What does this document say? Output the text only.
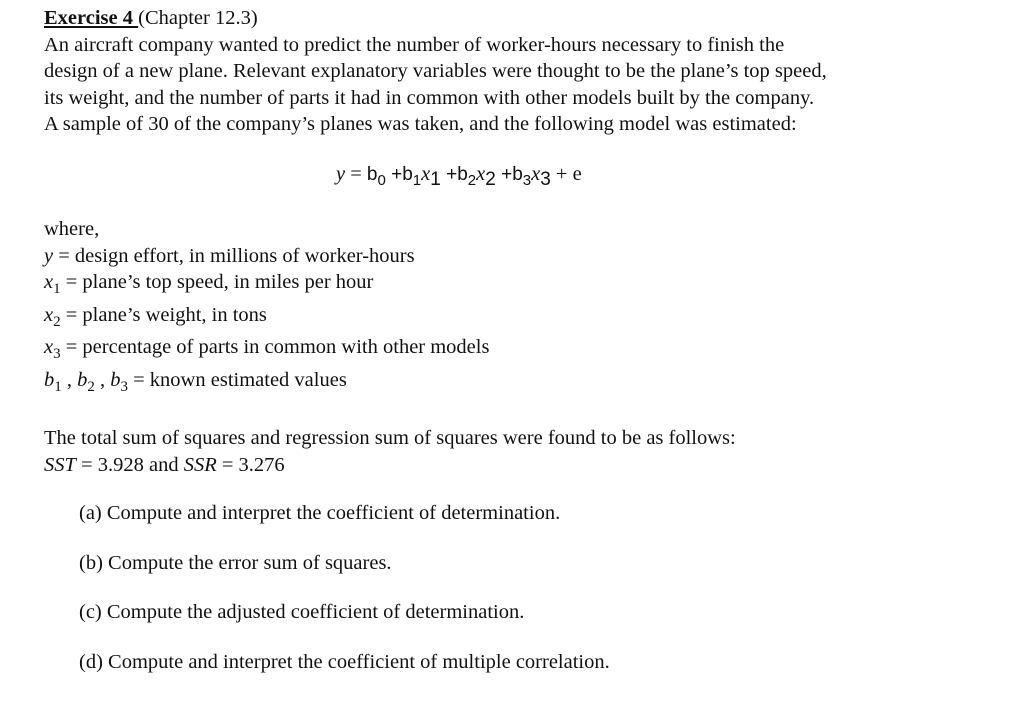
Exercise 4 (Chapter 12.3)
An aircraft company wanted to predict the number of worker-hours necessary to finish the
design of a new plane. Relevant explanatory variables were thought to be the plane’s top speed,
its weight, and the number of parts it had in common with other models built by the company.
A sample of 30 of the company’s planes was taken, and the following model was estimated:
$y = b_0 +b_1x_1 +b_2x_2 +b_3x_3 + e$
where,
y = design effort, in millions of worker-hours
$x_1$ = plane’s top speed, in miles per hour
$x_2$ = plane’s weight, in tons
$x_3$ = percentage of parts in common with other models
$b_1$ , $b_2$ , $b_3$ = known estimated values
The total sum of squares and regression sum of squares were found to be as follows:
SST = 3.928 and SSR = 3.276
(a) Compute and interpret the coefficient of determination.
(b) Compute the error sum of squares.
(c) Compute the adjusted coefficient of determination.
(d) Compute and interpret the coefficient of multiple correlation.
